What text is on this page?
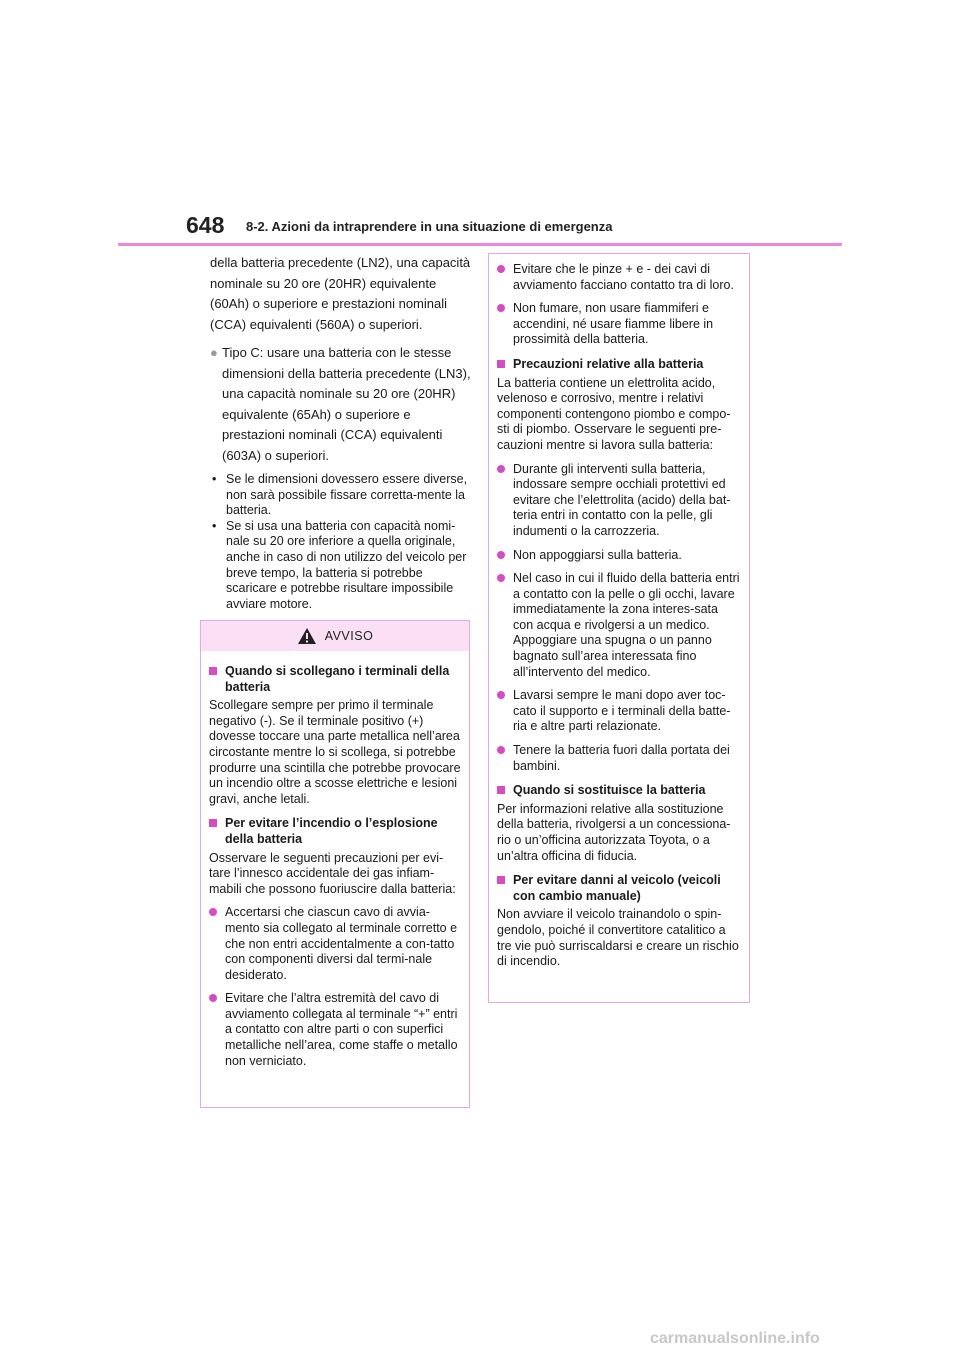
648 8-2. Azioni da intraprendere in una situazione di emergenza

della batteria precedente (LN2), una capacità nominale su 20 ore (20HR) equivalente (60Ah) o superiore e prestazioni nominali (CCA) equivalenti (560A) o superiori.

● Tipo C: usare una batteria con le stesse dimensioni della batteria precedente (LN3), una capacità nominale su 20 ore (20HR) equivalente (65Ah) o superiore e prestazioni nominali (CCA) equivalenti (603A) o superiori.
• Se le dimensioni dovessero essere diverse, non sarà possibile fissare corretta-mente la batteria.
• Se si usa una batteria con capacità nomi-nale su 20 ore inferiore a quella originale, anche in caso di non utilizzo del veicolo per breve tempo, la batteria si potrebbe scaricare e potrebbe risultare impossibile avviare motore.
AVVISO
Quando si scollegano i terminali della batteria

Scollegare sempre per primo il terminale negativo (-). Se il terminale positivo (+) dovesse toccare una parte metallica nell’area circostante mentre lo si scollega, si potrebbe produrre una scintilla che potrebbe provocare un incendio oltre a scosse elettriche e lesioni gravi, anche letali.

Per evitare l’incendio o l’esplosione della batteria

Osservare le seguenti precauzioni per evi-tare l’innesco accidentale dei gas infiam-mabili che possono fuoriuscire dalla batteria:

Accertarsi che ciascun cavo di avvia-mento sia collegato al terminale corretto e che non entri accidentalmente a con-tatto con componenti diversi dal termi-nale desiderato.
Evitare che l’altra estremità del cavo di avviamento collegata al terminale “+” entri a contatto con altre parti o con superfici metalliche nell’area, come staffe o metallo non verniciato.
Evitare che le pinze + e - dei cavi di avviamento facciano contatto tra di loro.
Non fumare, non usare fiammiferi e accendini, né usare fiamme libere in prossimità della batteria.
Precauzioni relative alla batteria

La batteria contiene un elettrolita acido, velenoso e corrosivo, mentre i relativi componenti contengono piombo e compo-sti di piombo. Osservare le seguenti pre-cauzioni mentre si lavora sulla batteria:

Durante gli interventi sulla batteria, indossare sempre occhiali protettivi ed evitare che l’elettrolita (acido) della bat-teria entri in contatto con la pelle, gli indumenti o la carrozzeria.
Non appoggiarsi sulla batteria.
Nel caso in cui il fluido della batteria entri a contatto con la pelle o gli occhi, lavare immediatamente la zona interes-sata con acqua e rivolgersi a un medico. Appoggiare una spugna o un panno bagnato sull’area interessata fino all’intervento del medico.
Lavarsi sempre le mani dopo aver toc-cato il supporto e i terminali della batte-ria e altre parti relazionate.
Tenere la batteria fuori dalla portata dei bambini.
Quando si sostituisce la batteria

Per informazioni relative alla sostituzione della batteria, rivolgersi a un concessiona-rio o un’officina autorizzata Toyota, o a un’altra officina di fiducia.

Per evitare danni al veicolo (veicoli con cambio manuale)

Non avviare il veicolo trainandolo o spin-gendolo, poiché il convertitore catalitico a tre vie può surriscaldarsi e creare un rischio di incendio.

carmanualsonline.info
